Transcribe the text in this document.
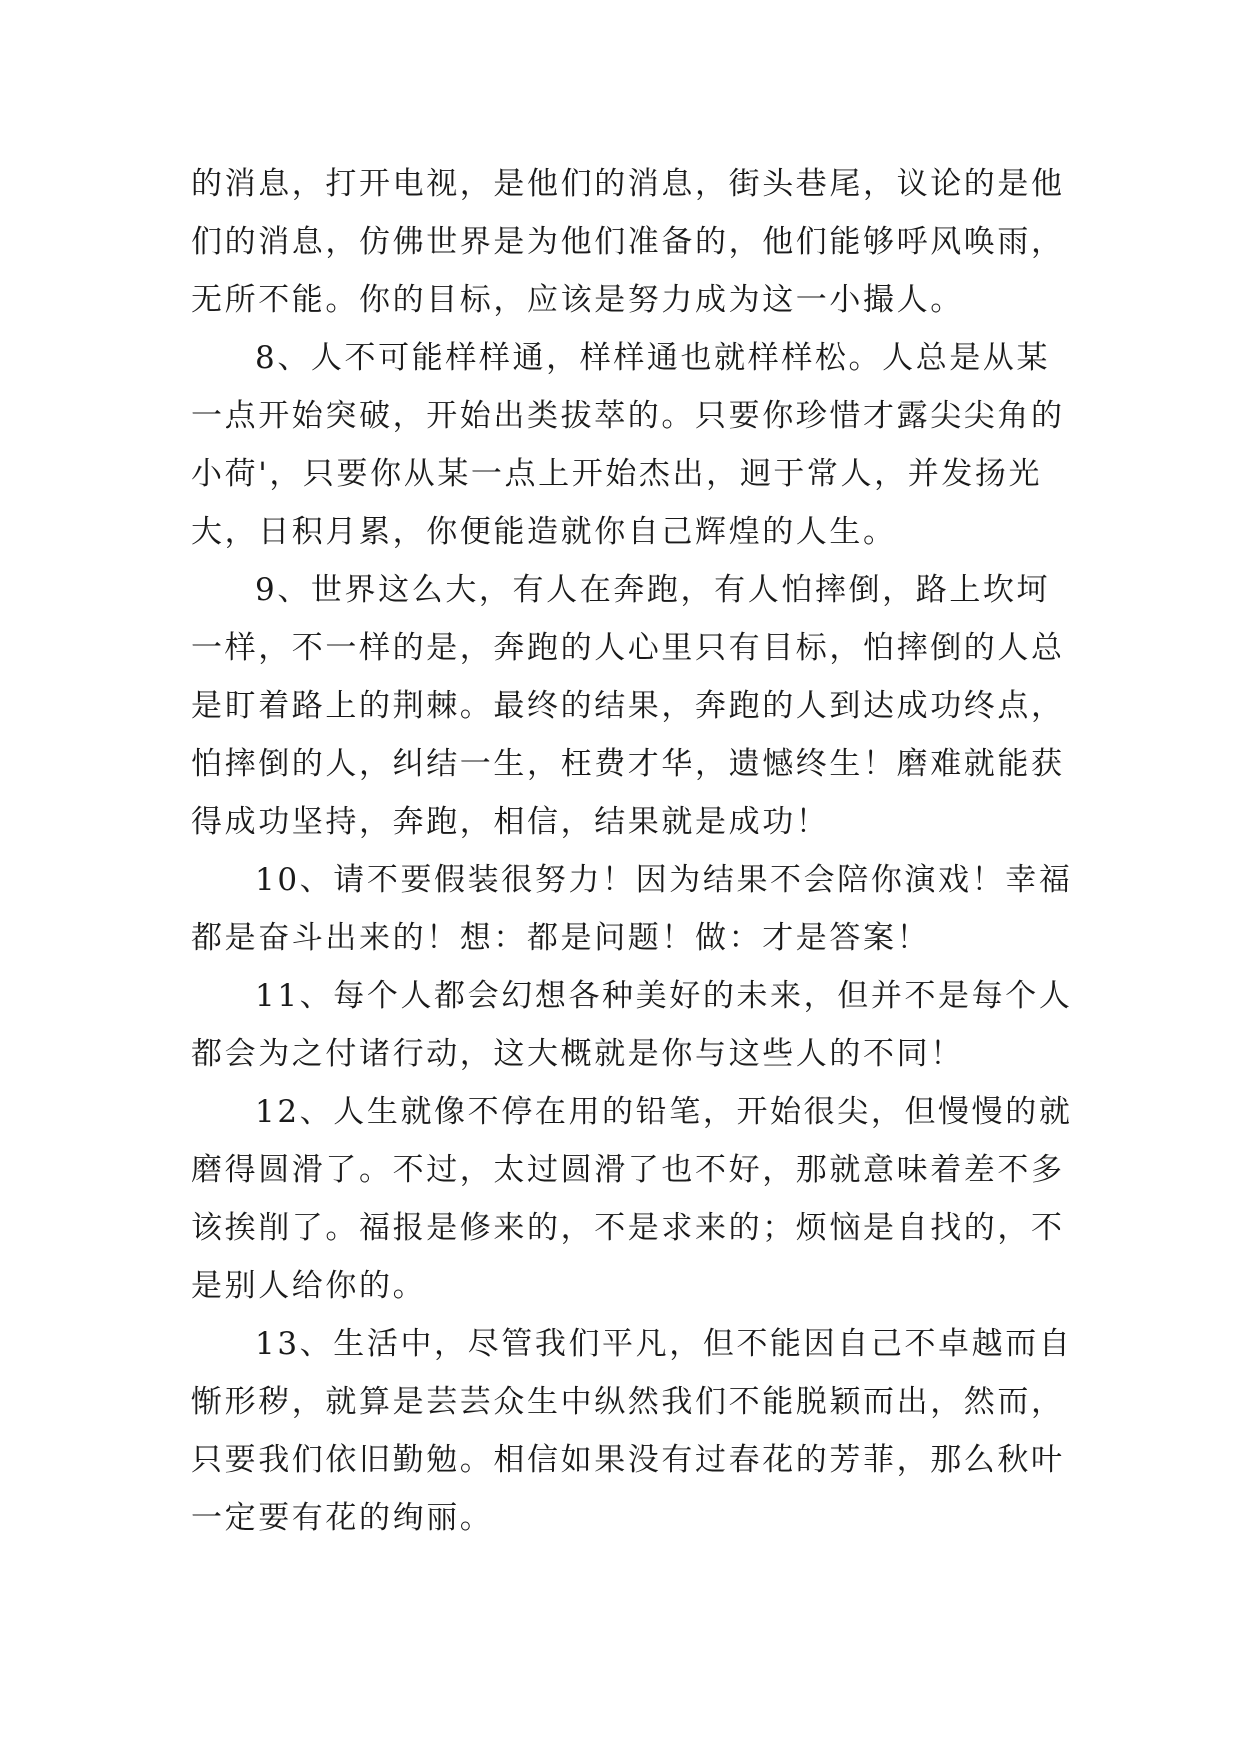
的消息，打开电视，是他们的消息，街头巷尾，议论的是他

们的消息，仿佛世界是为他们准备的，他们能够呼风唤雨，

无所不能。你的目标，应该是努力成为这一小撮人。

8、人不可能样样通，样样通也就样样松。人总是从某

一点开始突破，开始出类拔萃的。只要你珍惜才露尖尖角的

小荷'，只要你从某一点上开始杰出，迥于常人，并发扬光

大，日积月累，你便能造就你自己辉煌的人生。

9、世界这么大，有人在奔跑，有人怕摔倒，路上坎坷

一样，不一样的是，奔跑的人心里只有目标，怕摔倒的人总

是盯着路上的荆棘。最终的结果，奔跑的人到达成功终点，

怕摔倒的人，纠结一生，枉费才华，遗憾终生！磨难就能获

得成功坚持，奔跑，相信，结果就是成功！

10、请不要假装很努力！因为结果不会陪你演戏！幸福

都是奋斗出来的！想：都是问题！做：才是答案！

11、每个人都会幻想各种美好的未来，但并不是每个人

都会为之付诸行动，这大概就是你与这些人的不同！

12、人生就像不停在用的铅笔，开始很尖，但慢慢的就

磨得圆滑了。不过，太过圆滑了也不好，那就意味着差不多

该挨削了。福报是修来的，不是求来的；烦恼是自找的，不

是别人给你的。

13、生活中，尽管我们平凡，但不能因自己不卓越而自

惭形秽，就算是芸芸众生中纵然我们不能脱颖而出，然而，

只要我们依旧勤勉。相信如果没有过春花的芳菲，那么秋叶

一定要有花的绚丽。
